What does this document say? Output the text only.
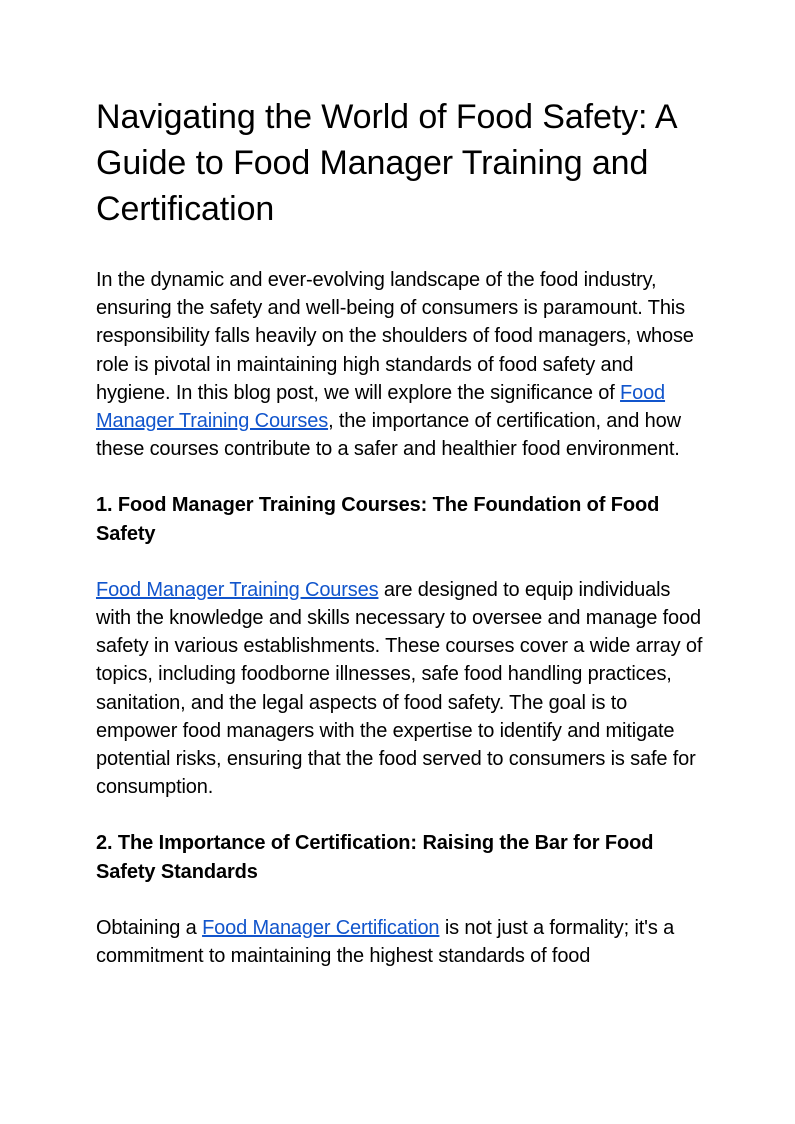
Navigating the World of Food Safety: A Guide to Food Manager Training and Certification

In the dynamic and ever-evolving landscape of the food industry, ensuring the safety and well-being of consumers is paramount. This responsibility falls heavily on the shoulders of food managers, whose role is pivotal in maintaining high standards of food safety and hygiene. In this blog post, we will explore the significance of Food Manager Training Courses, the importance of certification, and how these courses contribute to a safer and healthier food environment.

1. Food Manager Training Courses: The Foundation of Food Safety

Food Manager Training Courses are designed to equip individuals with the knowledge and skills necessary to oversee and manage food safety in various establishments. These courses cover a wide array of topics, including foodborne illnesses, safe food handling practices, sanitation, and the legal aspects of food safety. The goal is to empower food managers with the expertise to identify and mitigate potential risks, ensuring that the food served to consumers is safe for consumption.

2. The Importance of Certification: Raising the Bar for Food Safety Standards

Obtaining a Food Manager Certification is not just a formality; it's a commitment to maintaining the highest standards of food
